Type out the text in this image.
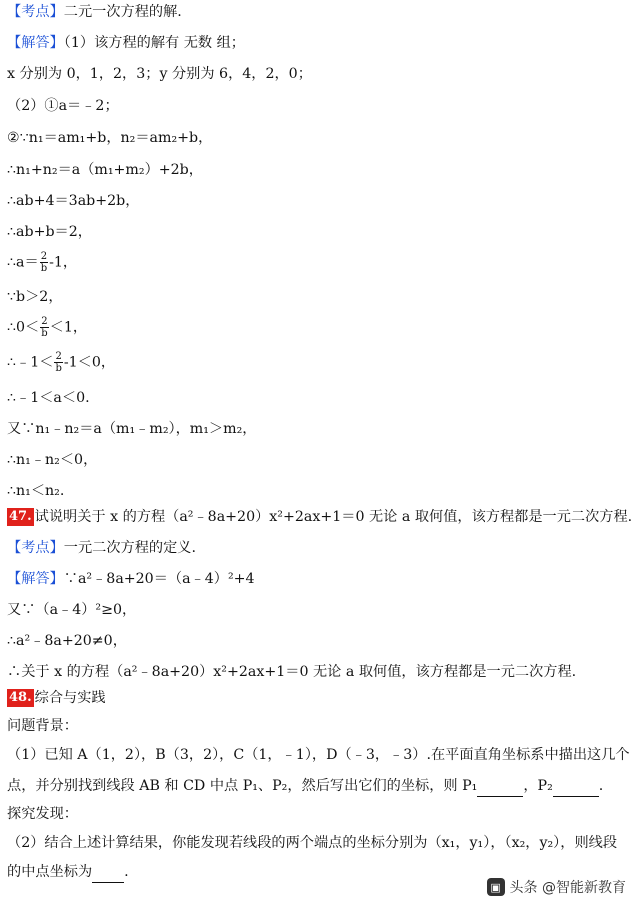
【考点】二元一次方程的解.
【解答】（1）该方程的解有 无数 组；
x 分别为 0，1，2，3；y 分别为 6，4，2，0；
（2）①a＝﹣2；
②∵n₁＝am₁+b，n₂＝am₂+b，
∴n₁+n₂＝a（m₁+m₂）+2b，
∴ab+4＝3ab+2b，
∴ab+b＝2，
∴a＝ $\frac{2}{b} -1$，
∵b＞2，
∴0＜ $\frac{2}{b} <1$，
∴﹣1＜ $\frac{2}{b} -1<0$，
∴﹣1＜a＜0.
又∵n₁﹣n₂＝a（m₁﹣m₂），m₁＞m₂，
∴n₁﹣n₂＜0，
∴n₁＜n₂.
47. 试说明关于 x 的方程（a²﹣8a+20）x²+2ax+1＝0 无论 a 取何值，该方程都是一元二次方程.
【考点】一元二次方程的定义.
【解答】∵a²﹣8a+20＝（a﹣4）²+4
又∵（a﹣4）²≥0，
∴a²﹣8a+20≠0，
∴关于 x 的方程（a²﹣8a+20）x²+2ax+1＝0 无论 a 取何值，该方程都是一元二次方程.
48. 综合与实践
问题背景：
（1）已知 A（1，2），B（3，2），C（1，﹣1），D（﹣3，﹣3）.在平面直角坐标系中描出这几个
点，并分别找到线段 AB 和 CD 中点 P₁、P₂，然后写出它们的坐标，则 P₁	，P₂	.
探究发现：
（2）结合上述计算结果，你能发现若线段的两个端点的坐标分别为（x₁，y₁），（x₂，y₂），则线段
的中点坐标为 .
▣ 头条 @智能新教育
